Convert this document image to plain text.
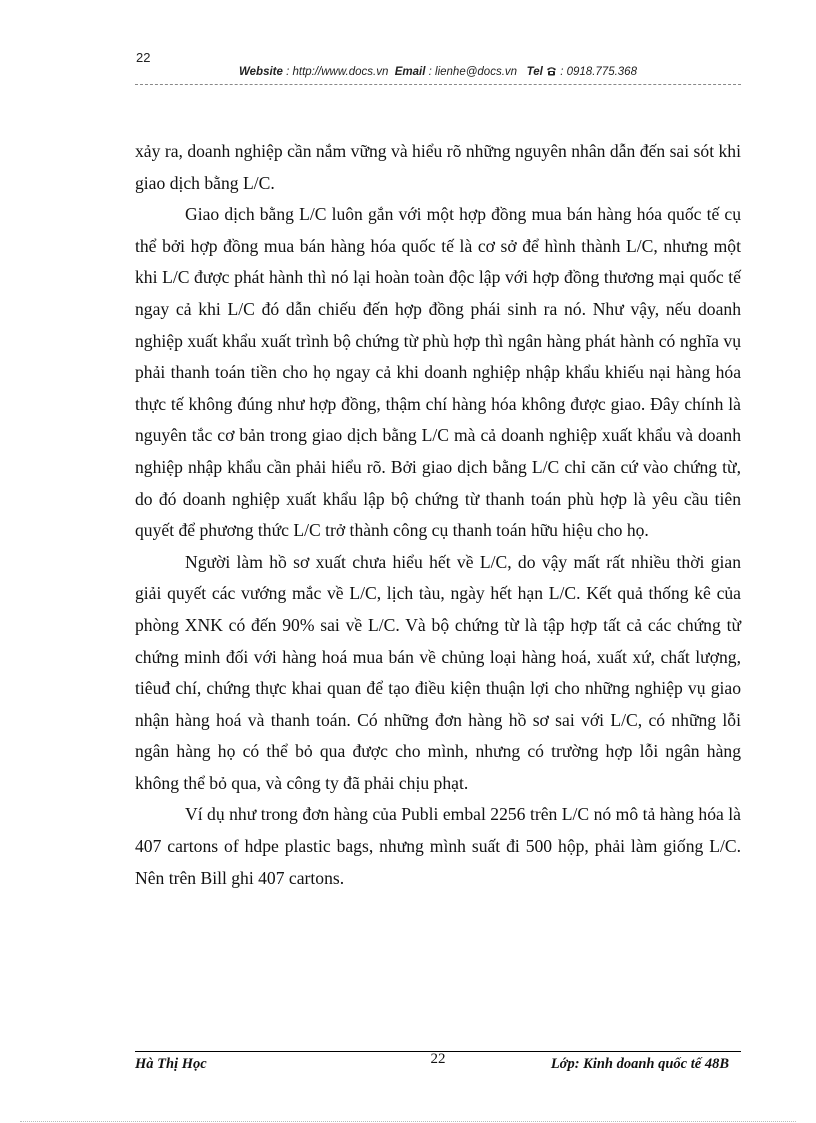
22
Website : http://www.docs.vn Email : lienhe@docs.vn Tel : 0918.775.368

xảy ra, doanh nghiệp cần nắm vững và hiểu rõ những nguyên nhân dẫn đến sai sót khi giao dịch bằng L/C.

Giao dịch bằng L/C luôn gắn với một hợp đồng mua bán hàng hóa quốc tế cụ thể bởi hợp đồng mua bán hàng hóa quốc tế là cơ sở để hình thành L/C, nhưng một khi L/C được phát hành thì nó lại hoàn toàn độc lập với hợp đồng thương mại quốc tế ngay cả khi L/C đó dẫn chiếu đến hợp đồng phái sinh ra nó. Như vậy, nếu doanh nghiệp xuất khẩu xuất trình bộ chứng từ phù hợp thì ngân hàng phát hành có nghĩa vụ phải thanh toán tiền cho họ ngay cả khi doanh nghiệp nhập khẩu khiếu nại hàng hóa thực tế không đúng như hợp đồng, thậm chí hàng hóa không được giao. Đây chính là nguyên tắc cơ bản trong giao dịch bằng L/C mà cả doanh nghiệp xuất khẩu và doanh nghiệp nhập khẩu cần phải hiểu rõ. Bởi giao dịch bằng L/C chỉ căn cứ vào chứng từ, do đó doanh nghiệp xuất khẩu lập bộ chứng từ thanh toán phù hợp là yêu cầu tiên quyết để phương thức L/C trở thành công cụ thanh toán hữu hiệu cho họ.

Người làm hồ sơ xuất chưa hiểu hết về L/C, do vậy mất rất nhiều thời gian giải quyết các vướng mắc về L/C, lịch tàu, ngày hết hạn L/C. Kết quả thống kê của phòng XNK có đến 90% sai về L/C. Và bộ chứng từ là tập hợp tất cả các chứng từ chứng minh đối với hàng hoá mua bán về chủng loại hàng hoá, xuất xứ, chất lượng, tiêuđ chí, chứng thực khai quan để tạo điều kiện thuận lợi cho những nghiệp vụ giao nhận hàng hoá và thanh toán. Có những đơn hàng hồ sơ sai với L/C, có những lỗi ngân hàng họ có thể bỏ qua được cho mình, nhưng có trường hợp lỗi ngân hàng không thể bỏ qua, và công ty đã phải chịu phạt.

Ví dụ như trong đơn hàng của Publi embal 2256 trên L/C nó mô tả hàng hóa là 407 cartons of hdpe plastic bags, nhưng mình suất đi 500 hộp, phải làm giống L/C. Nên trên Bill ghi 407 cartons.

Hà Thị Học	22	Lớp: Kinh doanh quốc tế 48B
